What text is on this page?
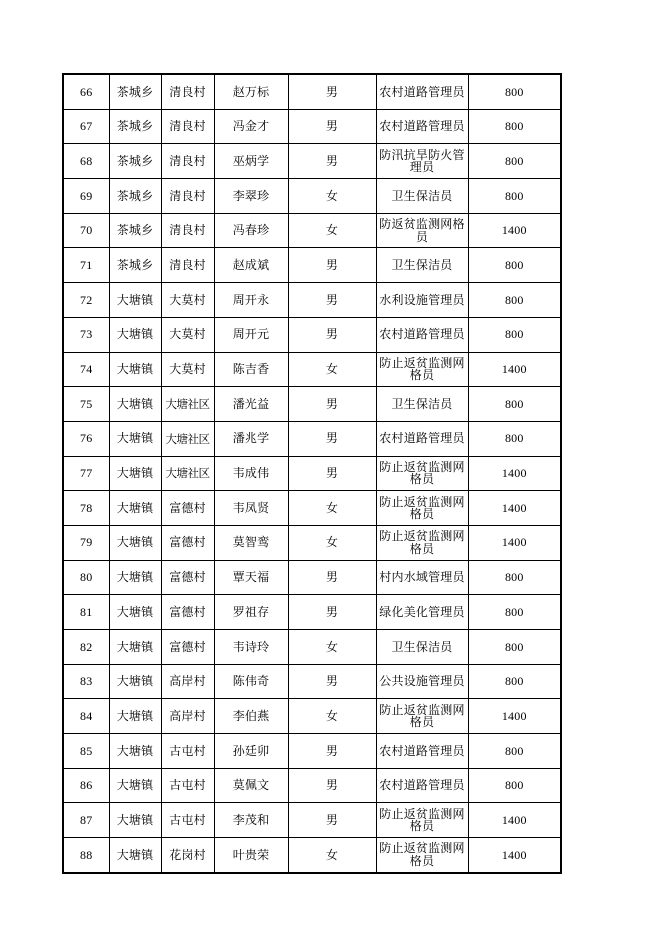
66	茶城乡	清良村	赵万标	男	农村道路管理员	800
67	茶城乡	清良村	冯金才	男	农村道路管理员	800
68	茶城乡	清良村	巫炳学	男	防汛抗旱防火管理员	800
69	茶城乡	清良村	李翠珍	女	卫生保洁员	800
70	茶城乡	清良村	冯春珍	女	防返贫监测网格员	1400
71	茶城乡	清良村	赵成斌	男	卫生保洁员	800
72	大塘镇	大莫村	周开永	男	水利设施管理员	800
73	大塘镇	大莫村	周开元	男	农村道路管理员	800
74	大塘镇	大莫村	陈吉香	女	防止返贫监测网格员	1400
75	大塘镇	大塘社区	潘光益	男	卫生保洁员	800
76	大塘镇	大塘社区	潘兆学	男	农村道路管理员	800
77	大塘镇	大塘社区	韦成伟	男	防止返贫监测网格员	1400
78	大塘镇	富德村	韦凤贤	女	防止返贫监测网格员	1400
79	大塘镇	富德村	莫智鸾	女	防止返贫监测网格员	1400
80	大塘镇	富德村	覃天福	男	村内水域管理员	800
81	大塘镇	富德村	罗祖存	男	绿化美化管理员	800
82	大塘镇	富德村	韦诗玲	女	卫生保洁员	800
83	大塘镇	高岸村	陈伟奇	男	公共设施管理员	800
84	大塘镇	高岸村	李伯燕	女	防止返贫监测网格员	1400
85	大塘镇	古屯村	孙廷卯	男	农村道路管理员	800
86	大塘镇	古屯村	莫佩文	男	农村道路管理员	800
87	大塘镇	古屯村	李茂和	男	防止返贫监测网格员	1400
88	大塘镇	花岗村	叶贵荣	女	防止返贫监测网格员	1400
